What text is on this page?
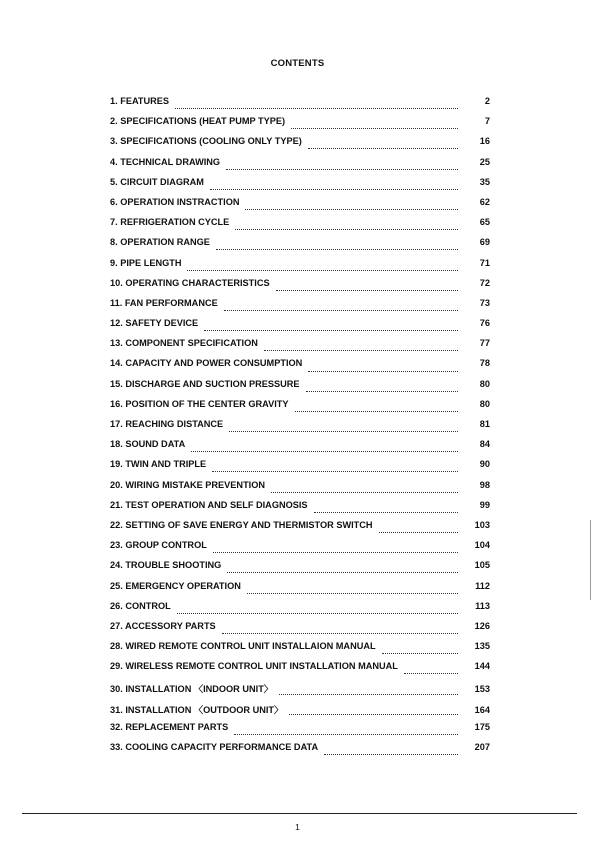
CONTENTS
1. FEATURES	2
2. SPECIFICATIONS (HEAT PUMP TYPE)	7
3. SPECIFICATIONS (COOLING ONLY TYPE)	16
4. TECHNICAL DRAWING	25
5. CIRCUIT DIAGRAM	35
6. OPERATION INSTRACTION	62
7. REFRIGERATION CYCLE	65
8. OPERATION RANGE	69
9. PIPE LENGTH	71
10. OPERATING CHARACTERISTICS	72
11. FAN PERFORMANCE	73
12. SAFETY DEVICE	76
13. COMPONENT SPECIFICATION	77
14. CAPACITY AND POWER CONSUMPTION	78
15. DISCHARGE AND SUCTION PRESSURE	80
16. POSITION OF THE CENTER GRAVITY	80
17. REACHING DISTANCE	81
18. SOUND DATA	84
19. TWIN AND TRIPLE	90
20. WIRING MISTAKE PREVENTION	98
21. TEST OPERATION AND SELF DIAGNOSIS	99
22. SETTING OF SAVE ENERGY AND THERMISTOR SWITCH	103
23. GROUP CONTROL	104
24. TROUBLE SHOOTING	105
25. EMERGENCY OPERATION	112
26. CONTROL	113
27. ACCESSORY PARTS	126
28. WIRED REMOTE CONTROL UNIT INSTALLAION MANUAL	135
29. WIRELESS REMOTE CONTROL UNIT INSTALLATION MANUAL	144
30. INSTALLATION 〈INDOOR UNIT〉	153
31. INSTALLATION 〈OUTDOOR UNIT〉	164
32. REPLACEMENT PARTS	175
33. COOLING CAPACITY PERFORMANCE DATA	207
1
